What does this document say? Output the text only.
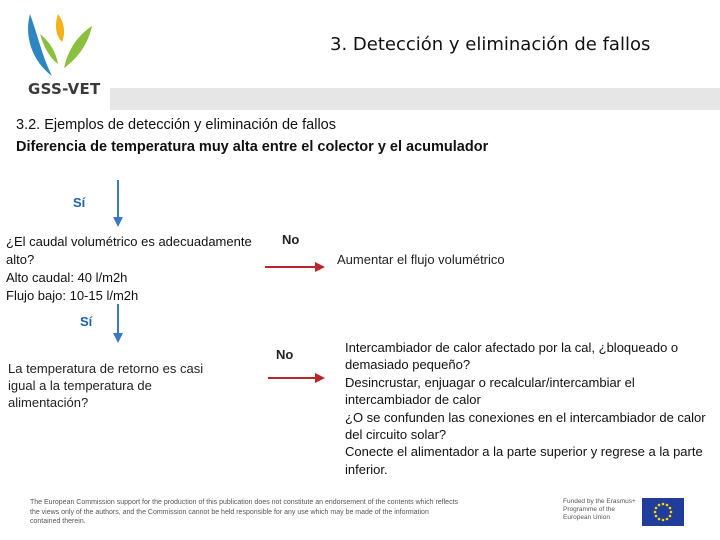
GSS-VET
3. Detección y eliminación de fallos
3.2. Ejemplos de detección y eliminación de fallos
Diferencia de temperatura muy alta entre el colector y el acumulador
Sí
No
¿El caudal volumétrico es adecuadamente
alto?
Alto caudal: 40 l/m2h
Flujo bajo: 10-15 l/m2h
Aumentar el flujo volumétrico
Sí
No
La temperatura de retorno es casi igual a la temperatura de alimentación?
Intercambiador de calor afectado por la cal, ¿bloqueado o demasiado pequeño?
Desincrustar, enjuagar o recalcular/intercambiar el intercambiador de calor
¿O se confunden las conexiones en el intercambiador de calor del circuito solar?
Conecte el alimentador a la parte superior y regrese a la parte inferior.
The European Commission support for the production of this publication does not constitute an endorsement of the contents which reflects the views only of the authors, and the Commission cannot be held responsible for any use which may be made of the information contained therein.
Funded by the Erasmus+ Programme of the European Union
